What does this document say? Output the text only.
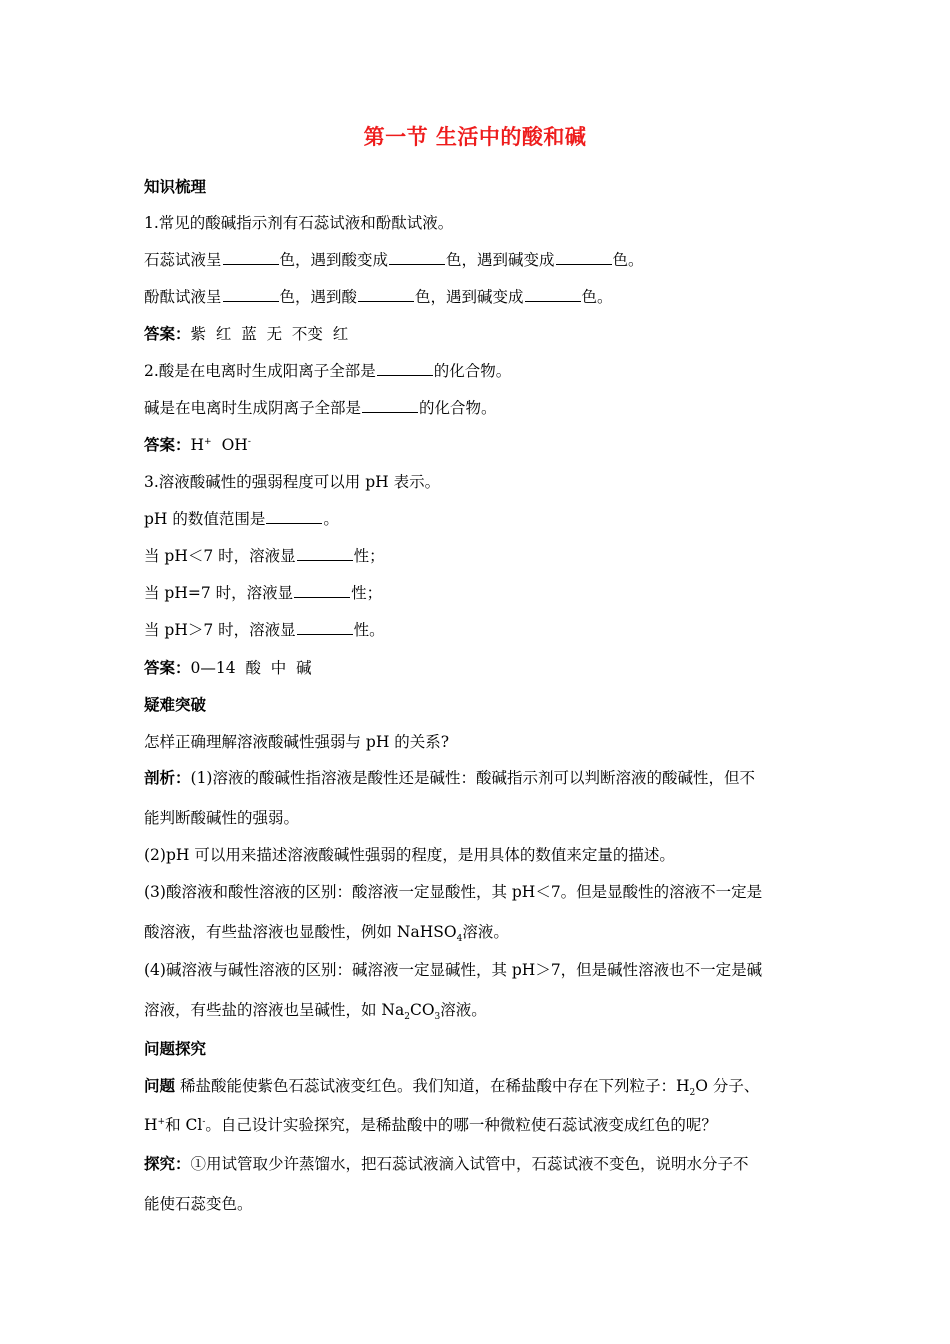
第一节 生活中的酸和碱
知识梳理
1.常见的酸碱指示剂有石蕊试液和酚酞试液。
石蕊试液呈	色，遇到酸变成	色，遇到碱变成	色。
酚酞试液呈	色，遇到酸	色，遇到碱变成	色。
答案：紫  红  蓝  无  不变  红
2.酸是在电离时生成阳离子全部是	的化合物。
碱是在电离时生成阴离子全部是	的化合物。
答案：H+ OH-
3.溶液酸碱性的强弱程度可以用 pH 表示。
pH 的数值范围是	。
当 pH＜7 时，溶液显	性；
当 pH=7 时，溶液显	性；
当 pH＞7 时，溶液显	性。
答案：0—14  酸  中  碱
疑难突破
怎样正确理解溶液酸碱性强弱与 pH 的关系?
剖析：(1)溶液的酸碱性指溶液是酸性还是碱性：酸碱指示剂可以判断溶液的酸碱性，但不
能判断酸碱性的强弱。
(2)pH 可以用来描述溶液酸碱性强弱的程度，是用具体的数值来定量的描述。
(3)酸溶液和酸性溶液的区别：酸溶液一定显酸性，其 pH＜7。但是显酸性的溶液不一定是
酸溶液，有些盐溶液也显酸性，例如 NaHSO$_4$溶液。
(4)碱溶液与碱性溶液的区别：碱溶液一定显碱性，其 pH＞7，但是碱性溶液也不一定是碱
溶液，有些盐的溶液也呈碱性，如 $Na_2CO_3$溶液。
问题探究
问题 稀盐酸能使紫色石蕊试液变红色。我们知道，在稀盐酸中存在下列粒子：$H_2O$ 分子、
H+和 Cl-。自己设计实验探究，是稀盐酸中的哪一种微粒使石蕊试液变成红色的呢？
探究：①用试管取少许蒸馏水，把石蕊试液滴入试管中，石蕊试液不变色，说明水分子不
能使石蕊变色。
